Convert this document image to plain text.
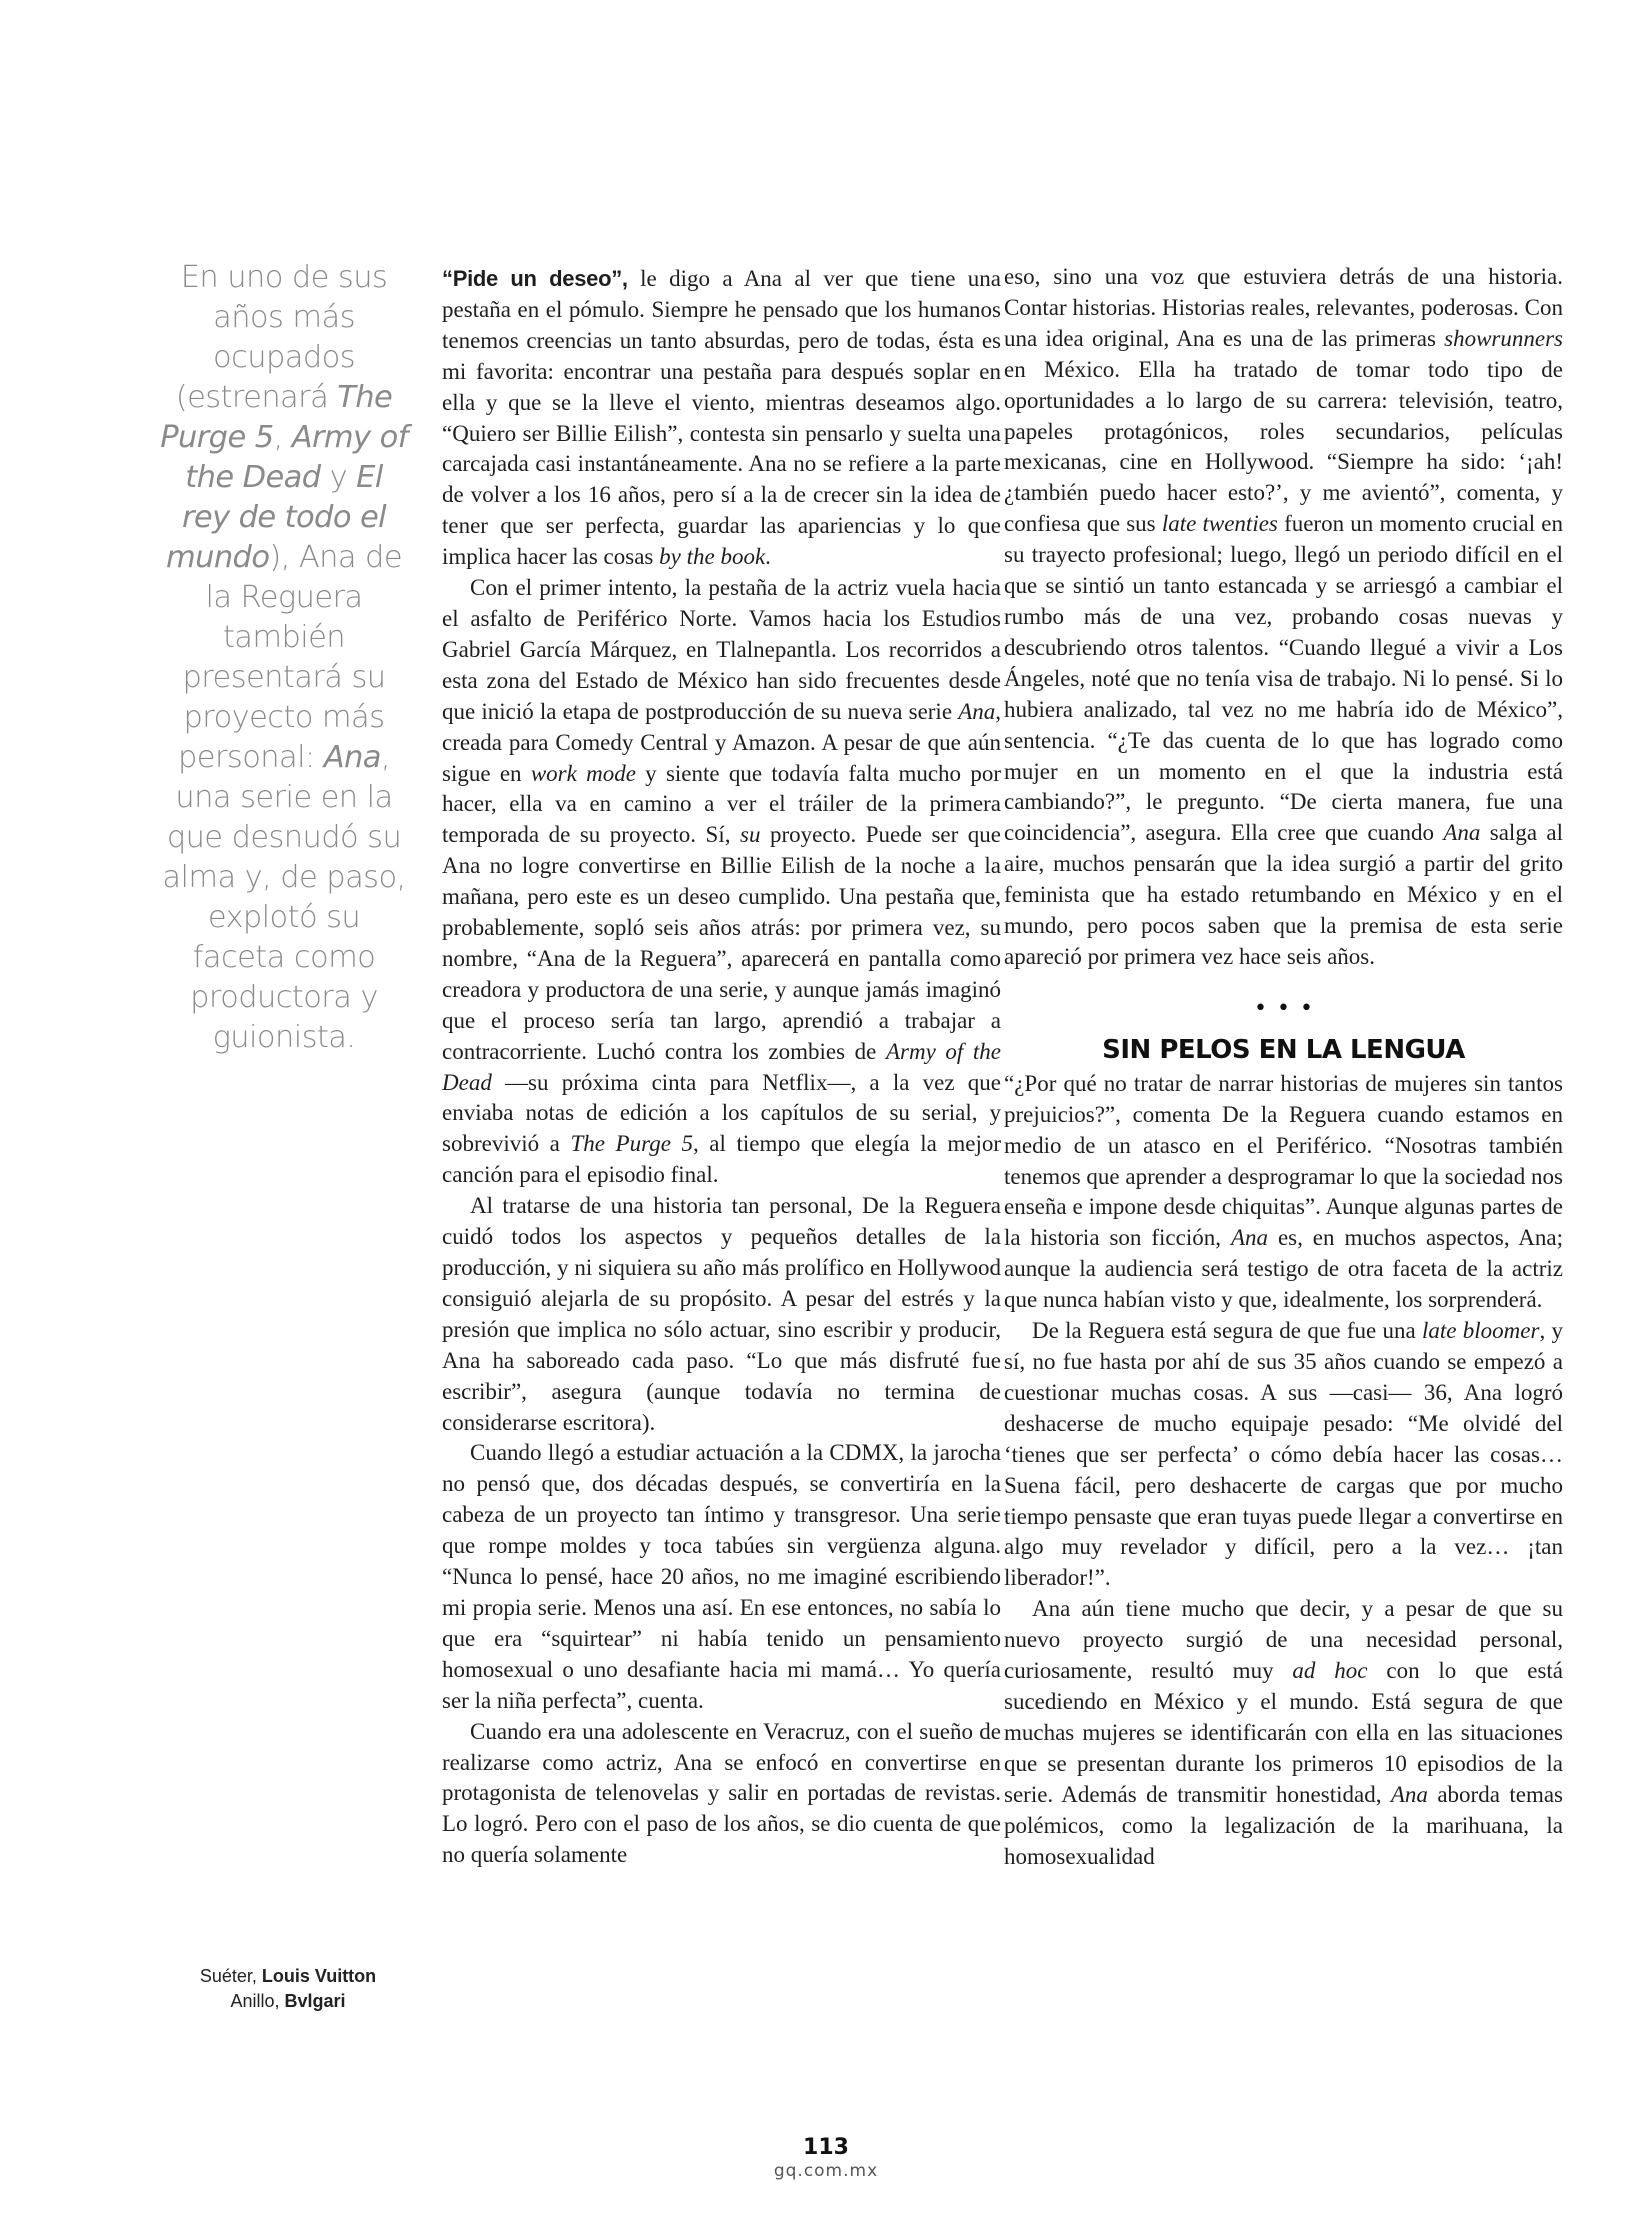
En uno de sus años más ocupados (estrenará The Purge 5, Army of the Dead y El rey de todo el mundo), Ana de la Reguera también presentará su proyecto más personal: Ana, una serie en la que desnudó su alma y, de paso, explotó su faceta como productora y guionista.
Suéter, Louis Vuitton
Anillo, Bvlgari

“Pide un deseo”, le digo a Ana al ver que tiene una pestaña en el pómulo. Siempre he pensado que los humanos tenemos creencias un tanto absurdas, pero de todas, ésta es mi favorita: encontrar una pestaña para después soplar en ella y que se la lleve el viento, mientras deseamos algo. “Quiero ser Billie Eilish”, contesta sin pensarlo y suelta una carcajada casi instantáneamente. Ana no se refiere a la parte de volver a los 16 años, pero sí a la de crecer sin la idea de tener que ser perfecta, guardar las apariencias y lo que implica hacer las cosas by the book.

Con el primer intento, la pestaña de la actriz vuela hacia el asfalto de Periférico Norte. Vamos hacia los Estudios Gabriel García Márquez, en Tlalnepantla. Los recorridos a esta zona del Estado de México han sido frecuentes desde que inició la etapa de postproducción de su nueva serie Ana, creada para Comedy Central y Amazon. A pesar de que aún sigue en work mode y siente que todavía falta mucho por hacer, ella va en camino a ver el tráiler de la primera temporada de su proyecto. Sí, su proyecto. Puede ser que Ana no logre convertirse en Billie Eilish de la noche a la mañana, pero este es un deseo cumplido. Una pestaña que, probablemente, sopló seis años atrás: por primera vez, su nombre, “Ana de la Reguera”, aparecerá en pantalla como creadora y productora de una serie, y aunque jamás imaginó que el proceso sería tan largo, aprendió a trabajar a contracorriente. Luchó contra los zombies de Army of the Dead —su próxima cinta para Netflix—, a la vez que enviaba notas de edición a los capítulos de su serial, y sobrevivió a The Purge 5, al tiempo que elegía la mejor canción para el episodio final.

Al tratarse de una historia tan personal, De la Reguera cuidó todos los aspectos y pequeños detalles de la producción, y ni siquiera su año más prolífico en Hollywood consiguió alejarla de su propósito. A pesar del estrés y la presión que implica no sólo actuar, sino escribir y producir, Ana ha saboreado cada paso. “Lo que más disfruté fue escribir”, asegura (aunque todavía no termina de considerarse escritora).

Cuando llegó a estudiar actuación a la CDMX, la jarocha no pensó que, dos décadas después, se convertiría en la cabeza de un proyecto tan íntimo y transgresor. Una serie que rompe moldes y toca tabúes sin vergüenza alguna. “Nunca lo pensé, hace 20 años, no me imaginé escribiendo mi propia serie. Menos una así. En ese entonces, no sabía lo que era “squirtear” ni había tenido un pensamiento homosexual o uno desafiante hacia mi mamá… Yo quería ser la niña perfecta”, cuenta.

Cuando era una adolescente en Veracruz, con el sueño de realizarse como actriz, Ana se enfocó en convertirse en protagonista de telenovelas y salir en portadas de revistas. Lo logró. Pero con el paso de los años, se dio cuenta de que no quería solamente

eso, sino una voz que estuviera detrás de una historia. Contar historias. Historias reales, relevantes, poderosas. Con una idea original, Ana es una de las primeras showrunners en México. Ella ha tratado de tomar todo tipo de oportunidades a lo largo de su carrera: televisión, teatro, papeles protagónicos, roles secundarios, películas mexicanas, cine en Hollywood. “Siempre ha sido: ‘¡ah! ¿también puedo hacer esto?’, y me avientó”, comenta, y confiesa que sus late twenties fueron un momento crucial en su trayecto profesional; luego, llegó un periodo difícil en el que se sintió un tanto estancada y se arriesgó a cambiar el rumbo más de una vez, probando cosas nuevas y descubriendo otros talentos. “Cuando llegué a vivir a Los Ángeles, noté que no tenía visa de trabajo. Ni lo pensé. Si lo hubiera analizado, tal vez no me habría ido de México”, sentencia. “¿Te das cuenta de lo que has logrado como mujer en un momento en el que la industria está cambiando?”, le pregunto. “De cierta manera, fue una coincidencia”, asegura. Ella cree que cuando Ana salga al aire, muchos pensarán que la idea surgió a partir del grito feminista que ha estado retumbando en México y en el mundo, pero pocos saben que la premisa de esta serie apareció por primera vez hace seis años.

•••
SIN PELOS EN LA LENGUA

“¿Por qué no tratar de narrar historias de mujeres sin tantos prejuicios?”, comenta De la Reguera cuando estamos en medio de un atasco en el Periférico. “Nosotras también tenemos que aprender a desprogramar lo que la sociedad nos enseña e impone desde chiquitas”. Aunque algunas partes de la historia son ficción, Ana es, en muchos aspectos, Ana; aunque la audiencia será testigo de otra faceta de la actriz que nunca habían visto y que, idealmente, los sorprenderá.

De la Reguera está segura de que fue una late bloomer, y sí, no fue hasta por ahí de sus 35 años cuando se empezó a cuestionar muchas cosas. A sus —casi— 36, Ana logró deshacerse de mucho equipaje pesado: “Me olvidé del ‘tienes que ser perfecta’ o cómo debía hacer las cosas… Suena fácil, pero deshacerte de cargas que por mucho tiempo pensaste que eran tuyas puede llegar a convertirse en algo muy revelador y difícil, pero a la vez… ¡tan liberador!”.

Ana aún tiene mucho que decir, y a pesar de que su nuevo proyecto surgió de una necesidad personal, curiosamente, resultó muy ad hoc con lo que está sucediendo en México y el mundo. Está segura de que muchas mujeres se identificarán con ella en las situaciones que se presentan durante los primeros 10 episodios de la serie. Además de transmitir honestidad, Ana aborda temas polémicos, como la legalización de la marihuana, la homosexualidad

113
gq.com.mx
